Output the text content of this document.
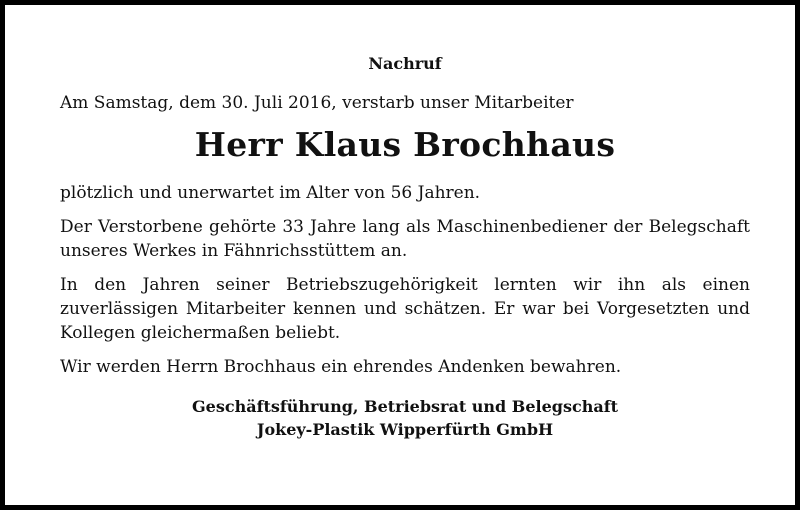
Nachruf
Am Samstag, dem 30. Juli 2016, verstarb unser Mitarbeiter
Herr Klaus Brochhaus

plötzlich und unerwartet im Alter von 56 Jahren.

Der Verstorbene gehörte 33 Jahre lang als Maschinenbediener der Belegschaft unseres Werkes in Fähnrichsstüttem an.

In den Jahren seiner Betriebszugehörigkeit lernten wir ihn als einen zuverlässigen Mitarbeiter kennen und schätzen. Er war bei Vorgesetzten und Kollegen gleichermaßen beliebt.

Wir werden Herrn Brochhaus ein ehrendes Andenken bewahren.

Geschäftsführung, Betriebsrat und Belegschaft
Jokey-Plastik Wipperfürth GmbH
